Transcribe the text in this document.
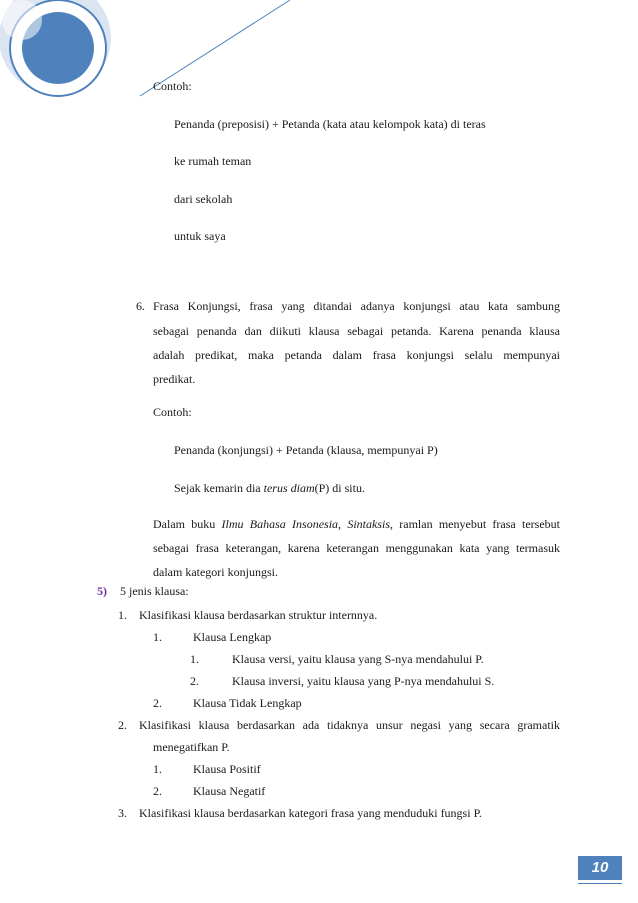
Contoh:
Penanda (preposisi) + Petanda (kata atau kelompok kata) di teras
ke rumah teman
dari sekolah
untuk saya
6. Frasa Konjungsi, frasa yang ditandai adanya konjungsi atau kata sambung
sebagai penanda dan diikuti klausa sebagai petanda. Karena penanda klausa
adalah predikat, maka petanda dalam frasa konjungsi selalu mempunyai
predikat.
Contoh:
Penanda (konjungsi) + Petanda (klausa, mempunyai P)
Sejak kemarin dia terus diam(P) di situ.
Dalam buku Ilmu Bahasa Insonesia, Sintaksis, ramlan menyebut frasa tersebut
sebagai frasa keterangan, karena keterangan menggunakan kata yang termasuk
dalam kategori konjungsi.
5) 5 jenis klausa:
1. Klasifikasi klausa berdasarkan struktur internnya.
1.	Klausa Lengkap
1.	Klausa versi, yaitu klausa yang S-nya mendahului P.
2.	Klausa inversi, yaitu klausa yang P-nya mendahului S.
2.	Klausa Tidak Lengkap
2. Klasifikasi klausa berdasarkan ada tidaknya unsur negasi yang secara gramatik
menegatifkan P.
1.	Klausa Positif
2.	Klausa Negatif
3. Klasifikasi klausa berdasarkan kategori frasa yang menduduki fungsi P.
10
